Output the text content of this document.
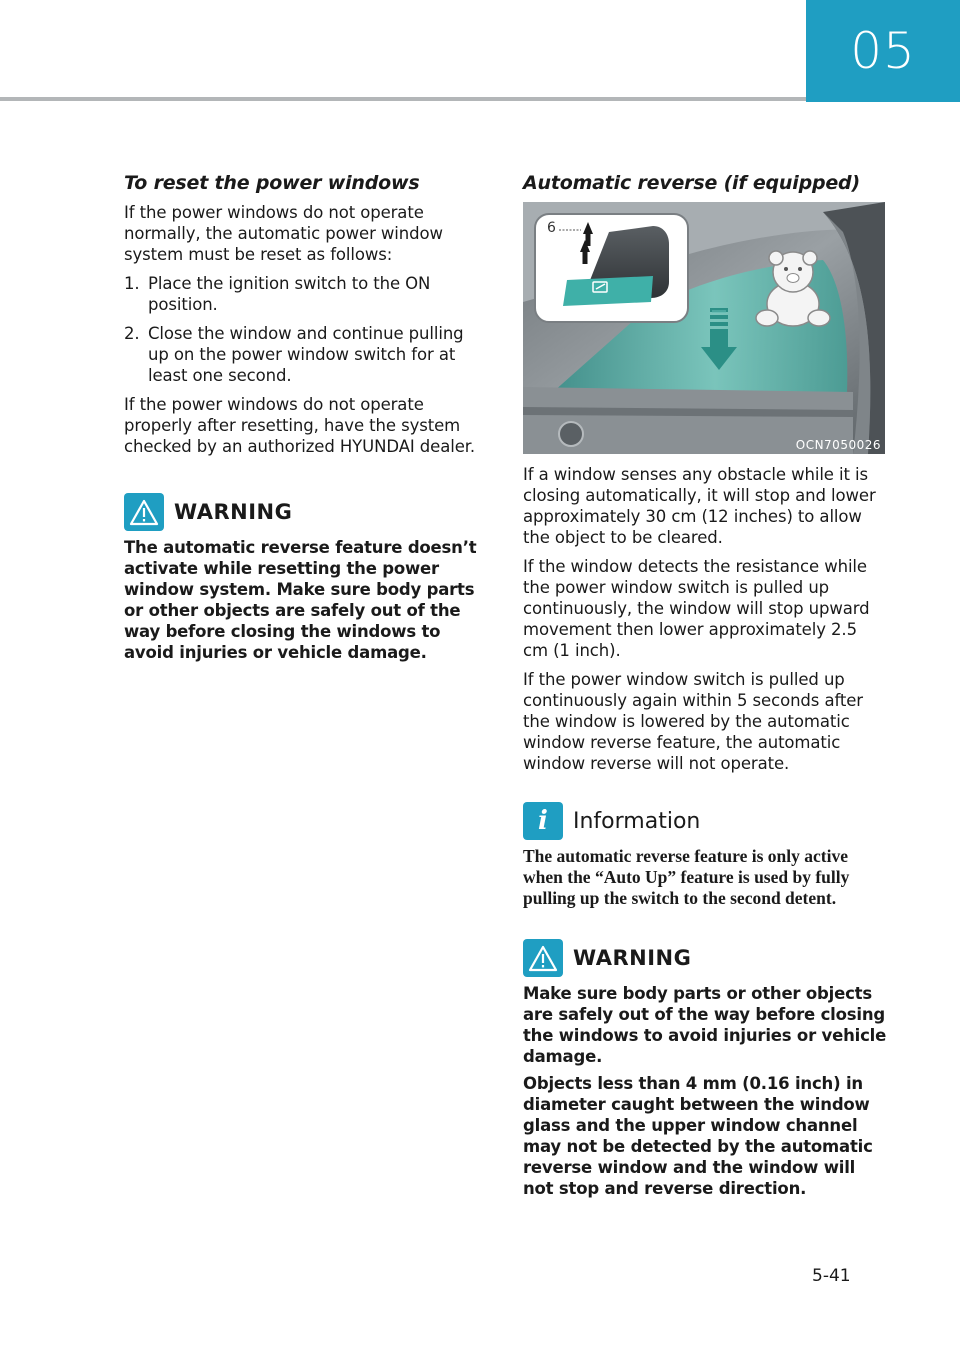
05
To reset the power windows

If the power windows do not operate normally, the automatic power window system must be reset as follows:

1. Place the ignition switch to the ON position.
2. Close the window and continue pulling up on the power window switch for at least one second.

If the power windows do not operate properly after resetting, have the system checked by an authorized HYUNDAI dealer.

WARNING

The automatic reverse feature doesn’t activate while resetting the power window system. Make sure body parts or other objects are safely out of the way before closing the windows to avoid injuries or vehicle damage.

Automatic reverse (if equipped)
6
OCN7050026

If a window senses any obstacle while it is closing automatically, it will stop and lower approximately 30 cm (12 inches) to allow the object to be cleared.

If the window detects the resistance while the power window switch is pulled up continuously, the window will stop upward movement then lower approximately 2.5 cm (1 inch).

If the power window switch is pulled up continuously again within 5 seconds after the window is lowered by the automatic window reverse feature, the automatic window reverse will not operate.

i Information

The automatic reverse feature is only active when the “Auto Up” feature is used by fully pulling up the switch to the second detent.

WARNING

Make sure body parts or other objects are safely out of the way before closing the windows to avoid injuries or vehicle damage.

Objects less than 4 mm (0.16 inch) in diameter caught between the window glass and the upper window channel may not be detected by the automatic reverse window and the window will not stop and reverse direction.

5-41
